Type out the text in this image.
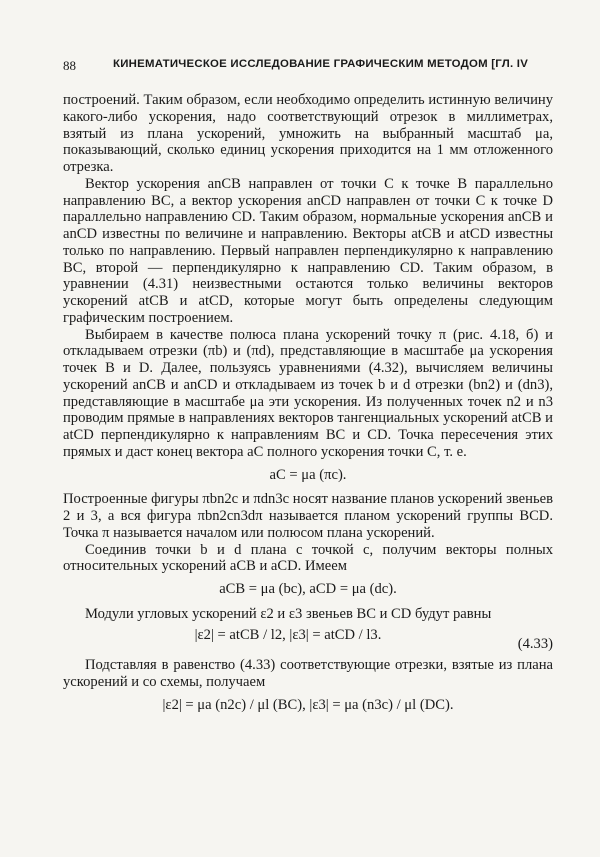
88	КИНЕМАТИЧЕСКОЕ ИССЛЕДОВАНИЕ ГРАФИЧЕСКИМ МЕТОДОМ [ГЛ. IV

построений. Таким образом, если необходимо определить истинную величину какого-либо ускорения, надо соответствующий отрезок в миллиметрах, взятый из плана ускорений, умножить на выбранный масштаб μa, показывающий, сколько единиц ускорения приходится на 1 мм отложенного отрезка.

Вектор ускорения anCB направлен от точки C к точке B параллельно направлению BC, а вектор ускорения anCD направлен от точки C к точке D параллельно направлению CD. Таким образом, нормальные ускорения anCB и anCD известны по величине и направлению. Векторы atCB и atCD известны только по направлению. Первый направлен перпендикулярно к направлению BC, второй — перпендикулярно к направлению CD. Таким образом, в уравнении (4.31) неизвестными остаются только величины векторов ускорений atCB и atCD, которые могут быть определены следующим графическим построением.

Выбираем в качестве полюса плана ускорений точку π (рис. 4.18, б) и откладываем отрезки (πb) и (πd), представляющие в масштабе μa ускорения точек B и D. Далее, пользуясь уравнениями (4.32), вычисляем величины ускорений anCB и anCD и откладываем из точек b и d отрезки (bn2) и (dn3), представляющие в масштабе μa эти ускорения. Из полученных точек n2 и n3 проводим прямые в направлениях векторов тангенциальных ускорений atCB и atCD перпендикулярно к направлениям BC и CD. Точка пересечения этих прямых и даст конец вектора aC полного ускорения точки C, т. е.

aC = μa (πc).

Построенные фигуры πbn2c и πdn3c носят название планов ускорений звеньев 2 и 3, а вся фигура πbn2cn3dπ называется планом ускорений группы BCD. Точка π называется началом или полюсом плана ускорений.

Соединив точки b и d плана с точкой c, получим векторы полных относительных ускорений aCB и aCD. Имеем

aCB = μa (bc), aCD = μa (dc).

Модули угловых ускорений ε2 и ε3 звеньев BC и CD будут равны

|ε2| = atCB / l2, |ε3| = atCD / l3.
(4.33)

Подставляя в равенство (4.33) соответствующие отрезки, взятые из плана ускорений и со схемы, получаем

|ε2| = μa (n2c) / μl (BC), |ε3| = μa (n3c) / μl (DC).
